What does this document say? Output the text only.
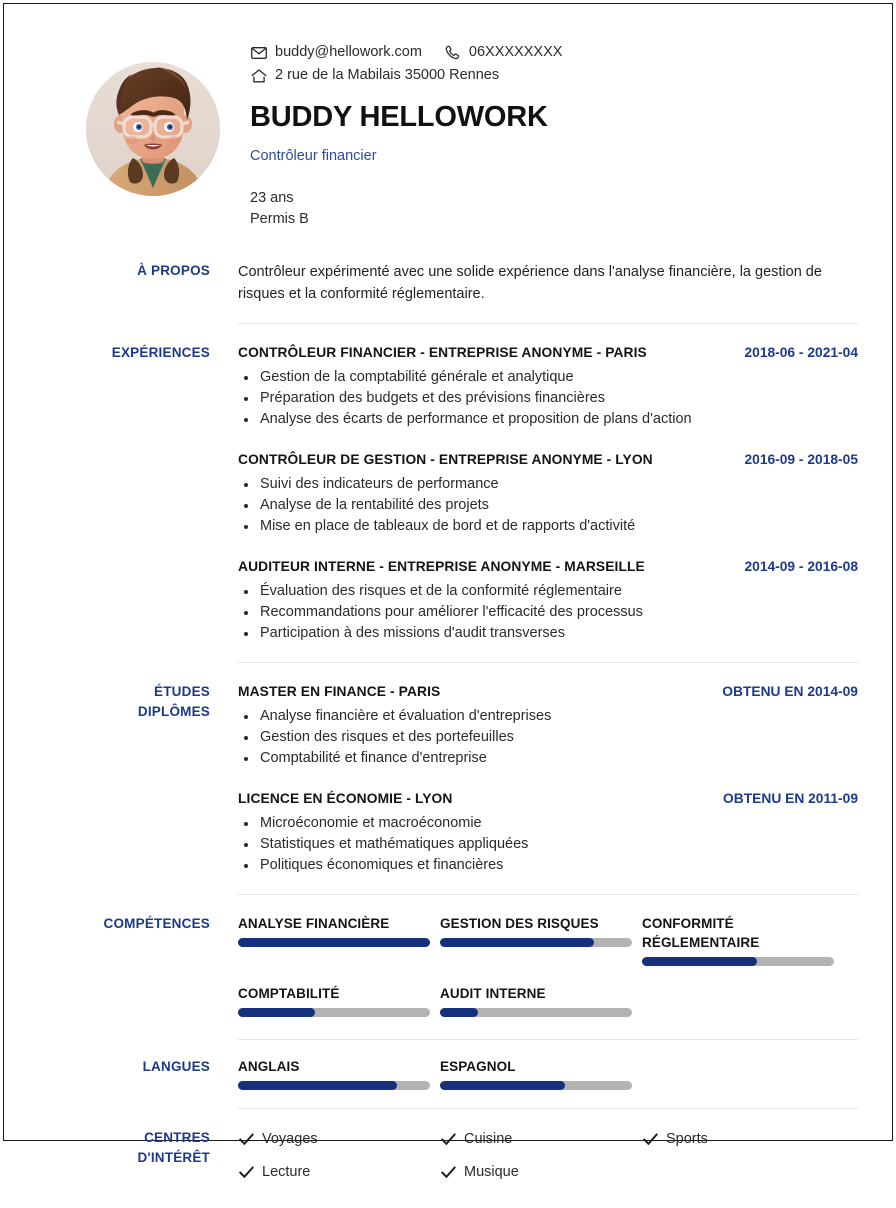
buddy@hellowork.com	06XXXXXXXX
2 rue de la Mabilais 35000 Rennes
BUDDY HELLOWORK
Contrôleur financier
23 ans
Permis B
À PROPOS	Contrôleur expérimenté avec une solide expérience dans l'analyse financière, la gestion de risques et la conformité réglementaire.
EXPÉRIENCES	CONTRÔLEUR FINANCIER - ENTREPRISE ANONYME - PARIS	2018-06 - 2021-04
Gestion de la comptabilité générale et analytique
Préparation des budgets et des prévisions financières
Analyse des écarts de performance et proposition de plans d'action
CONTRÔLEUR DE GESTION - ENTREPRISE ANONYME - LYON	2016-09 - 2018-05
Suivi des indicateurs de performance
Analyse de la rentabilité des projets
Mise en place de tableaux de bord et de rapports d'activité
AUDITEUR INTERNE - ENTREPRISE ANONYME - MARSEILLE	2014-09 - 2016-08
Évaluation des risques et de la conformité réglementaire
Recommandations pour améliorer l'efficacité des processus
Participation à des missions d'audit transverses
ÉTUDES
DIPLÔMES
MASTER EN FINANCE - PARIS	OBTENU EN 2014-09
Analyse financière et évaluation d'entreprises
Gestion des risques et des portefeuilles
Comptabilité et finance d'entreprise
LICENCE EN ÉCONOMIE - LYON	OBTENU EN 2011-09
Microéconomie et macroéconomie
Statistiques et mathématiques appliquées
Politiques économiques et financières
COMPÉTENCES	ANALYSE FINANCIÈRE	GESTION DES RISQUES	CONFORMITÉ RÉGLEMENTAIRE
COMPTABILITÉ	AUDIT INTERNE
LANGUES	ANGLAIS	ESPAGNOL
CENTRES
D'INTÉRÊT
Voyages	Cuisine	Sports
Lecture	Musique
